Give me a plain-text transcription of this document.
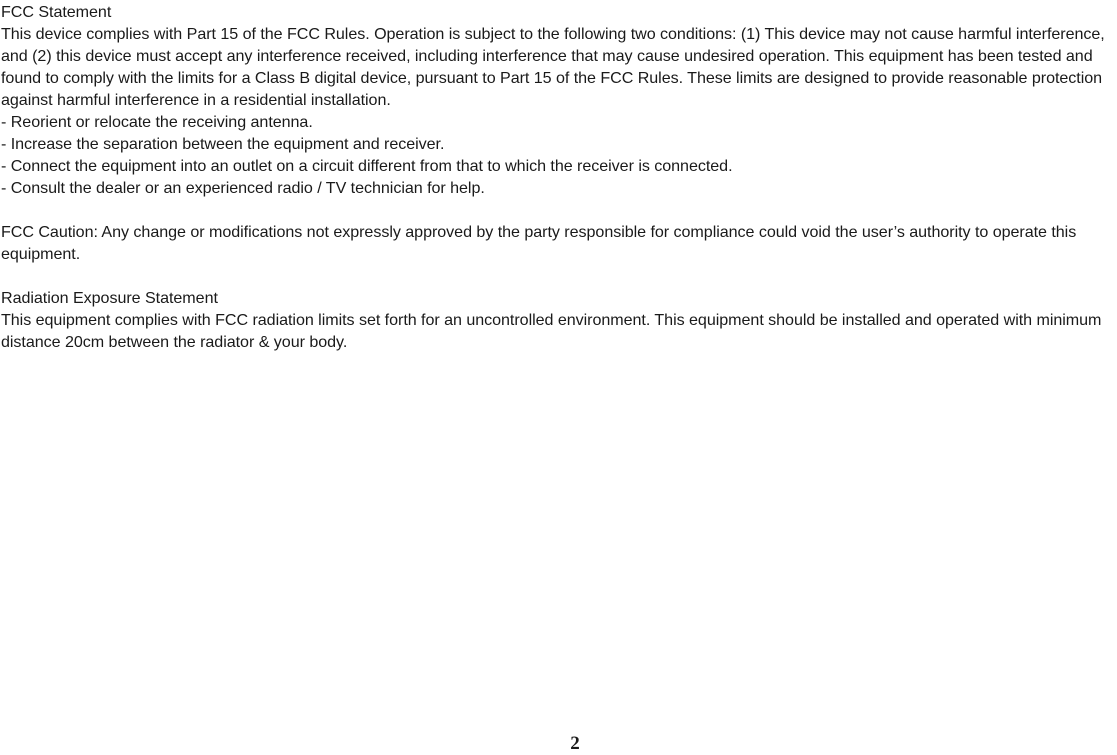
FCC Statement

This device complies with Part 15 of the FCC Rules. Operation is subject to the following two conditions: (1) This device may not cause harmful interference, and (2) this device must accept any interference received, including interference that may cause undesired operation. This equipment has been tested and found to comply with the limits for a Class B digital device, pursuant to Part 15 of the FCC Rules. These limits are designed to provide reasonable protection against harmful interference in a residential installation.

- Reorient or relocate the receiving antenna.

- Increase the separation between the equipment and receiver.

- Connect the equipment into an outlet on a circuit different from that to which the receiver is connected.

- Consult the dealer or an experienced radio / TV technician for help.

FCC Caution: Any change or modifications not expressly approved by the party responsible for compliance could void the user’s authority to operate this equipment.

Radiation Exposure Statement

This equipment complies with FCC radiation limits set forth for an uncontrolled environment. This equipment should be installed and operated with minimum distance 20cm between the radiator & your body.

2
